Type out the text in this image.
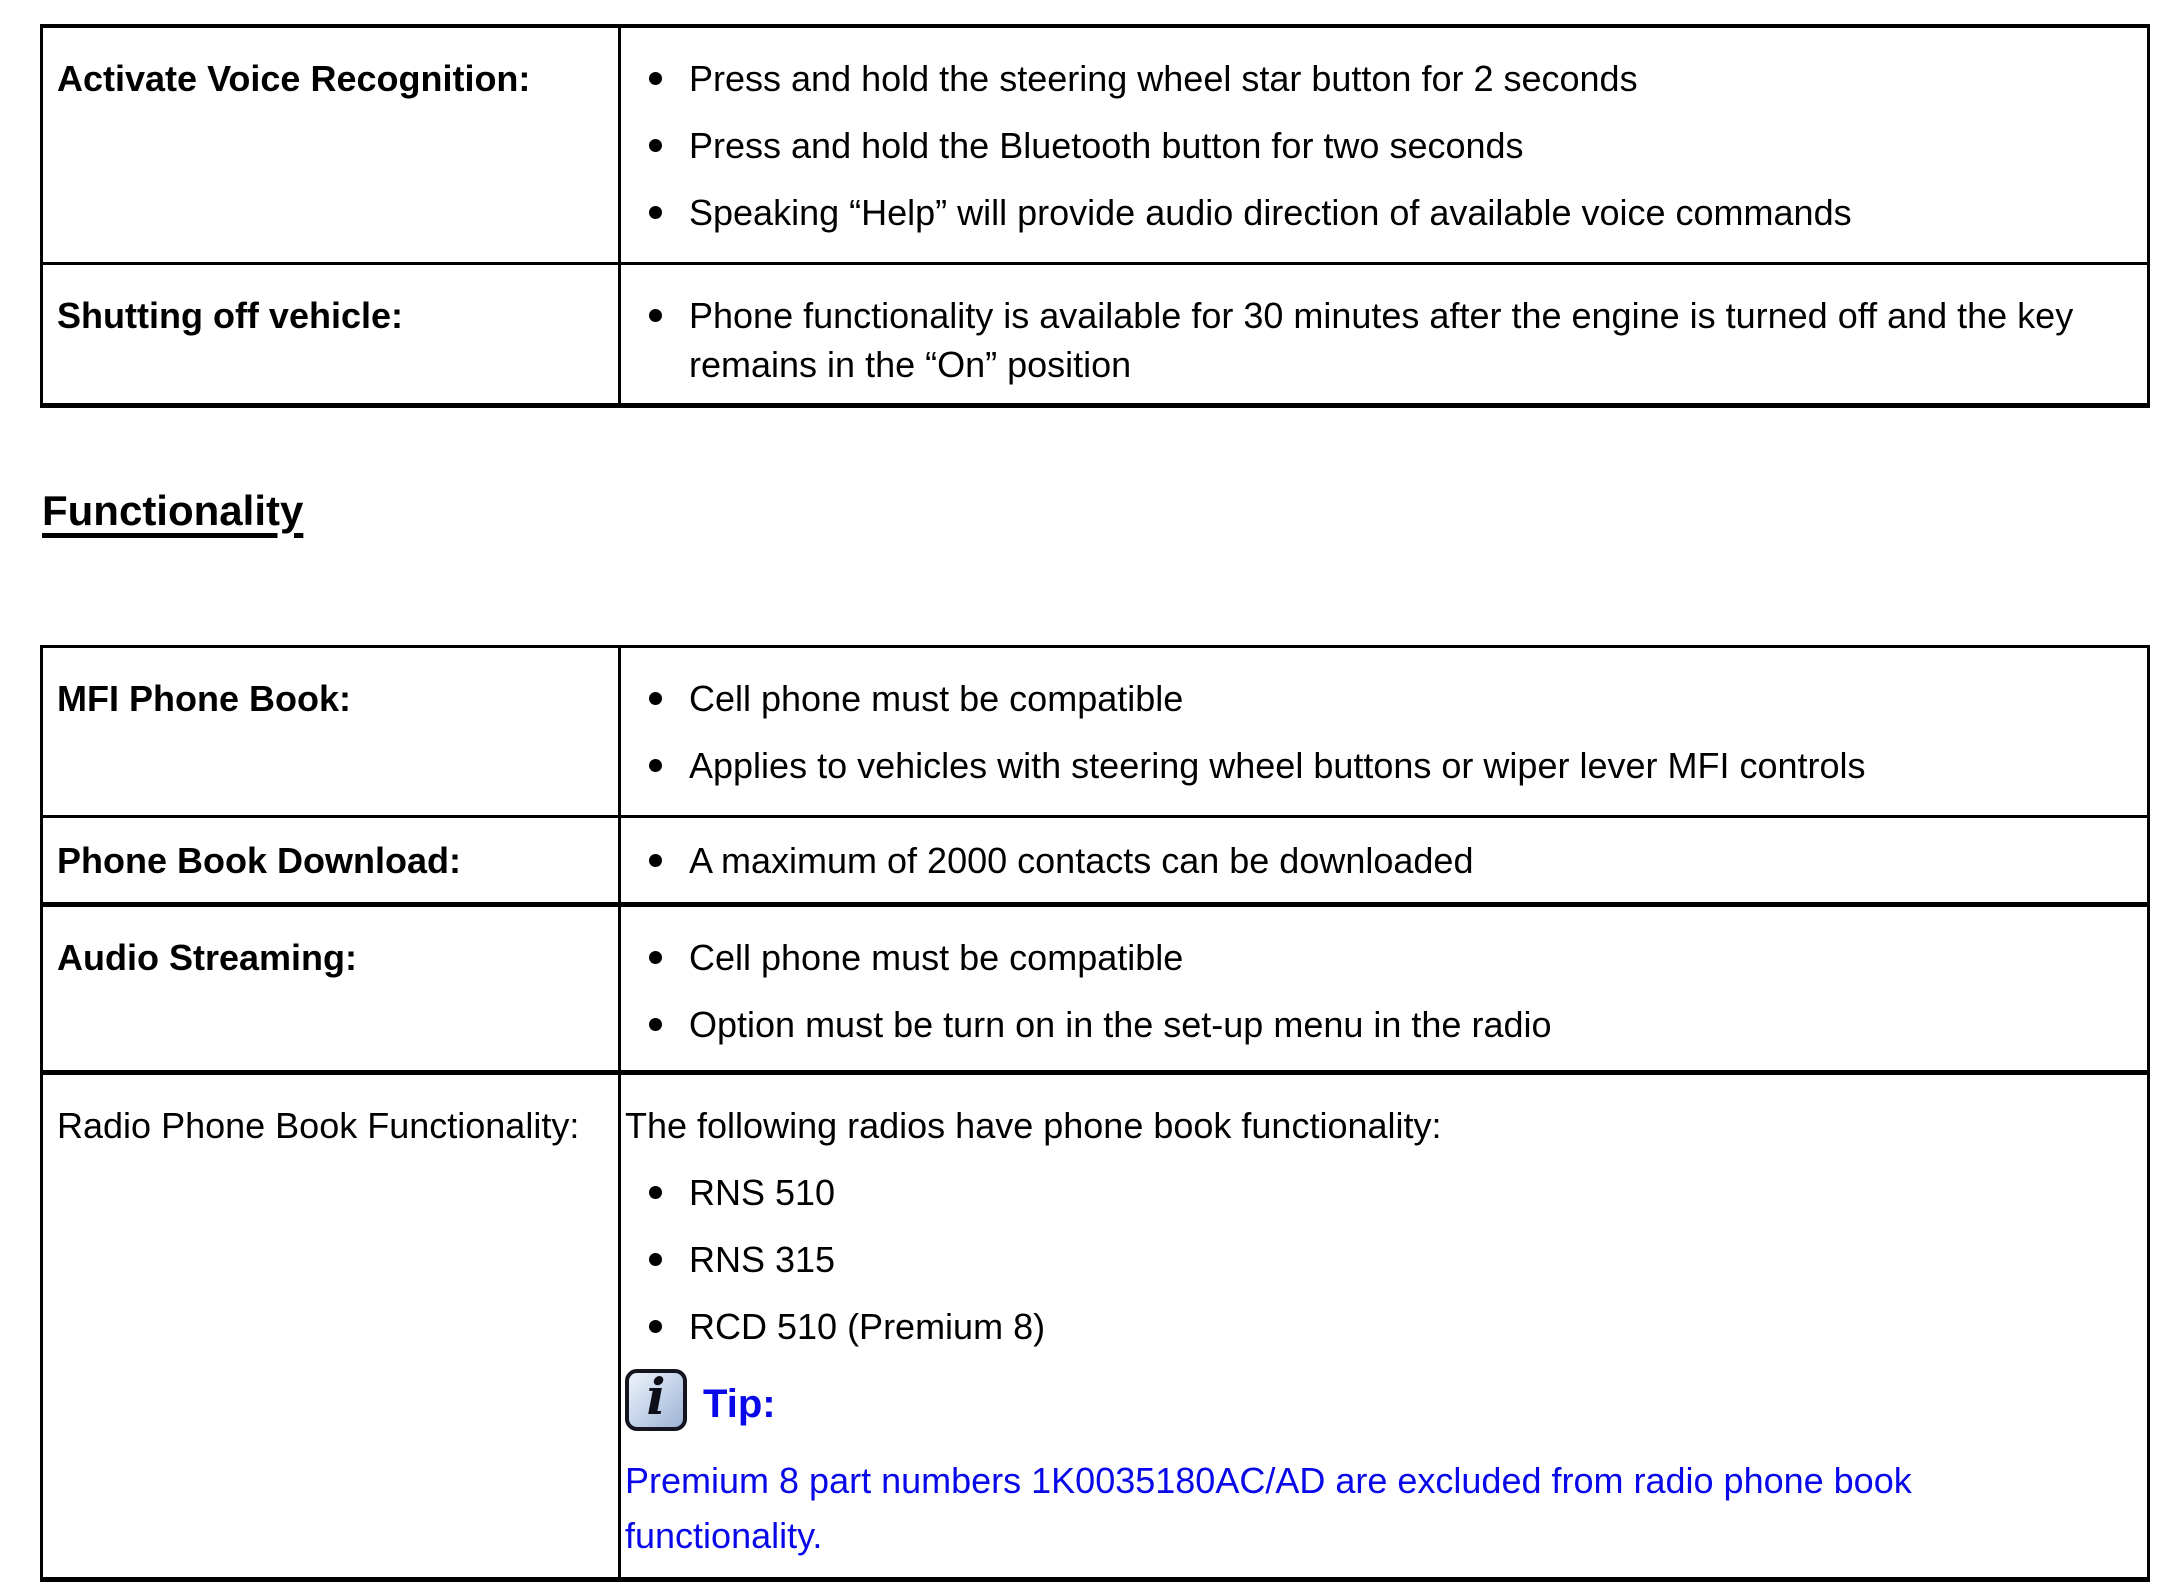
Activate Voice Recognition:	Press and hold the steering wheel star button for 2 seconds
Press and hold the Bluetooth button for two seconds
Speaking “Help” will provide audio direction of available voice commands

Shutting off vehicle:	Phone functionality is available for 30 minutes after the engine is turned off and the key remains in the “On” position
Functionality
MFI Phone Book:	Cell phone must be compatible
Applies to vehicles with steering wheel buttons or wiper lever MFI controls

Phone Book Download:	A maximum of 2000 contacts can be downloaded

Audio Streaming:	Cell phone must be compatible
Option must be turn on in the set-up menu in the radio

Radio Phone Book Functionality:	The following radios have phone book functionality:

RNS 510
RNS 315
RCD 510 (Premium 8)
i Tip:

Premium 8 part numbers 1K0035180AC/AD are excluded from radio phone book functionality.
